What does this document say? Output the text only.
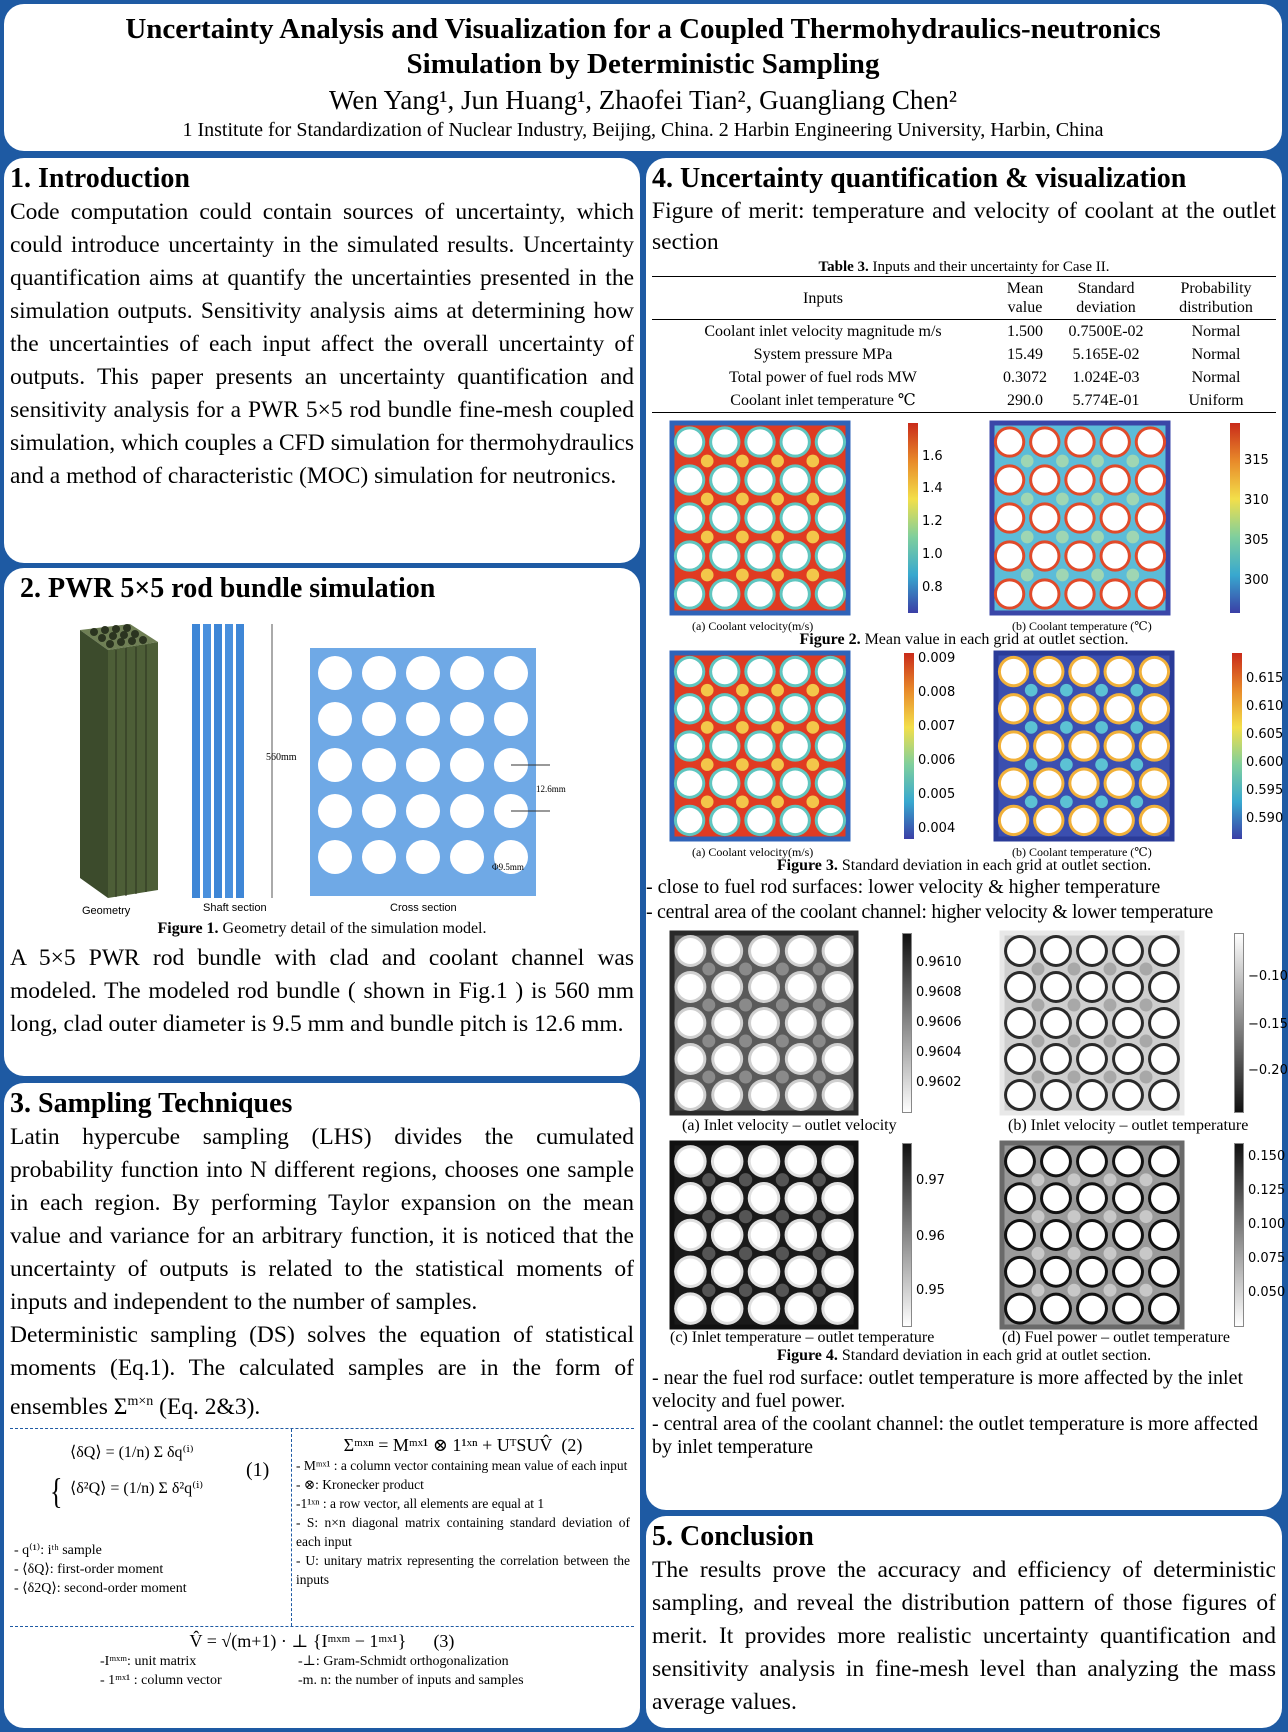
Uncertainty Analysis and Visualization for a Coupled Thermohydraulics-neutronics
Simulation by Deterministic Sampling
Wen Yang¹, Jun Huang¹, Zhaofei Tian², Guangliang Chen²
1 Institute for Standardization of Nuclear Industry, Beijing, China. 2 Harbin Engineering University, Harbin, China
1. Introduction
Code computation could contain sources of uncertainty, which could introduce uncertainty in the simulated results. Uncertainty quantification aims at quantify the uncertainties presented in the simulation outputs. Sensitivity analysis aims at determining how the uncertainties of each input affect the overall uncertainty of outputs. This paper presents an uncertainty quantification and sensitivity analysis for a PWR 5×5 rod bundle fine-mesh coupled simulation, which couples a CFD simulation for thermohydraulics and a method of characteristic (MOC) simulation for neutronics.
2. PWR 5×5 rod bundle simulation
560mm
12.6mm
Φ9.5mm
Geometry	Shaft section	Cross section
Figure 1. Geometry detail of the simulation model.
A 5×5 PWR rod bundle with clad and coolant channel was modeled. The modeled rod bundle ( shown in Fig.1 ) is 560 mm long, clad outer diameter is 9.5 mm and bundle pitch is 12.6 mm.
3. Sampling Techniques
Latin hypercube sampling (LHS) divides the cumulated probability function into N different regions, chooses one sample in each region. By performing Taylor expansion on the mean value and variance for an arbitrary function, it is noticed that the uncertainty of outputs is related to the statistical moments of inputs and independent to the number of samples.
Deterministic sampling (DS) solves the equation of statistical moments (Eq.1). The calculated samples are in the form of ensembles $\Sigma^{m\times n}$ (Eq. 2&3).
{
⟨δQ⟩ = (1/n) Σ δq⁽ⁱ⁾
⟨δ²Q⟩ = (1/n) Σ δ²q⁽ⁱ⁾
(1)
- q⁽¹⁾: iᵗʰ sample
- ⟨δQ⟩: first-order moment
- ⟨δ2Q⟩: second-order moment
Σᵐˣⁿ = Mᵐˣ¹ ⊗ 1¹ˣⁿ + UᵀSUV̂ (2)
- Mᵐˣ¹ : a column vector containing mean value of each input
- ⊗: Kronecker product
-1¹ˣⁿ : a row vector, all elements are equal at 1
- S: n×n diagonal matrix containing standard deviation of each input
- U: unitary matrix representing the correlation between the inputs
V̂ = √(m+1) · ⊥ {Iᵐˣᵐ − 1ᵐˣ¹} (3)
-Iᵐˣᵐ: unit matrix
- 1ᵐˣ¹ : column vector
-⊥: Gram-Schmidt orthogonalization
-m. n: the number of inputs and samples
4. Uncertainty quantification & visualization
Figure of merit: temperature and velocity of coolant at the outlet section
Table 3. Inputs and their uncertainty for Case II.
Inputs	Mean value	Standard deviation	Probability distribution
Coolant inlet velocity magnitude m/s	1.500	0.7500E-02	Normal
System pressure MPa	15.49	5.165E-02	Normal
Total power of fuel rods MW	0.3072	1.024E-03	Normal
Coolant inlet temperature ℃	290.0	5.774E-01	Uniform
1.6
1.4
1.2
1.0
0.8
315
310
305
300
(a) Coolant velocity(m/s)	(b) Coolant temperature (℃)
Figure 2. Mean value in each grid at outlet section.
0.009
0.008
0.007
0.006
0.005
0.004
0.615
0.610
0.605
0.600
0.595
0.590
(a) Coolant velocity(m/s)	(b) Coolant temperature (℃)
Figure 3. Standard deviation in each grid at outlet section.
- close to fuel rod surfaces: lower velocity & higher temperature
- central area of the coolant channel: higher velocity & lower temperature
0.9610
0.9608
0.9606
0.9604
0.9602
−0.10
−0.15
−0.20
(a) Inlet velocity – outlet velocity	(b) Inlet velocity – outlet temperature
0.97
0.96
0.95
0.150
0.125
0.100
0.075
0.050
(c) Inlet temperature – outlet temperature	(d) Fuel power – outlet temperature
Figure 4. Standard deviation in each grid at outlet section.
- near the fuel rod surface: outlet temperature is more affected by the inlet velocity and fuel power.
- central area of the coolant channel: the outlet temperature is more affected by inlet temperature
5. Conclusion
The results prove the accuracy and efficiency of deterministic sampling, and reveal the distribution pattern of those figures of merit. It provides more realistic uncertainty quantification and sensitivity analysis in fine-mesh level than analyzing the mass average values.
